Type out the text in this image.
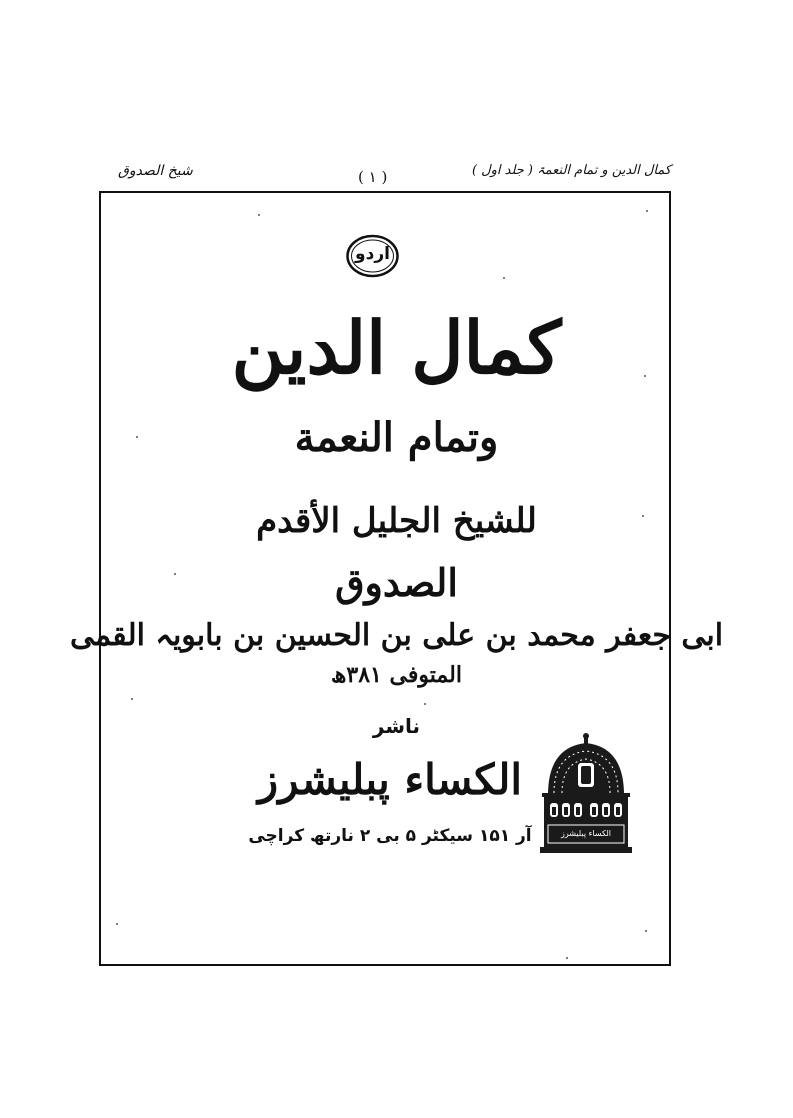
شیخ الصدوق	( ۱ )	کمال الدین و تمام النعمۃ ( جلد اول )
اردو
کمال الدین
وتمام النعمة
للشیخ الجلیل الأقدم
الصدوق
ابی جعفر محمد بن علی بن الحسین بن بابویہ القمی
المتوفی ۳۸۱ھ
ناشر
الکساء پبلیشرز
آر ۱۵۱ سیکٹر ۵ بی ۲ نارتھ کراچی	الکساء پبلیشرز
